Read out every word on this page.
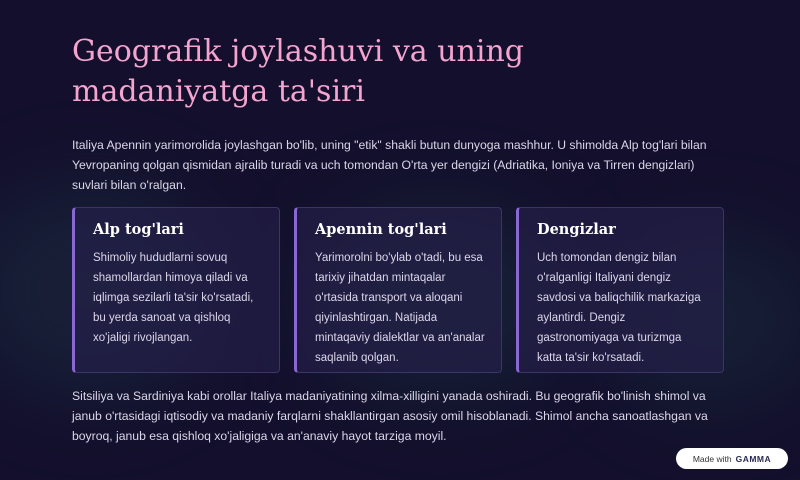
Geografik joylashuvi va uning madaniyatga ta'siri

Italiya Apennin yarimorolida joylashgan bo'lib, uning "etik" shakli butun dunyoga mashhur. U shimolda Alp tog'lari bilan Yevropaning qolgan qismidan ajralib turadi va uch tomondan O'rta yer dengizi (Adriatika, Ioniya va Tirren dengizlari) suvlari bilan o'ralgan.

Alp tog'lari

Shimoliy hududlarni sovuq shamollardan himoya qiladi va iqlimga sezilarli ta'sir ko'rsatadi, bu yerda sanoat va qishloq xo'jaligi rivojlangan.

Apennin tog'lari

Yarimorolni bo'ylab o'tadi, bu esa tarixiy jihatdan mintaqalar o'rtasida transport va aloqani qiyinlashtirgan. Natijada mintaqaviy dialektlar va an'analar saqlanib qolgan.

Dengizlar

Uch tomondan dengiz bilan o'ralganligi Italiyani dengiz savdosi va baliqchilik markaziga aylantirdi. Dengiz gastronomiyaga va turizmga katta ta'sir ko'rsatadi.

Sitsiliya va Sardiniya kabi orollar Italiya madaniyatining xilma-xilligini yanada oshiradi. Bu geografik bo'linish shimol va janub o'rtasidagi iqtisodiy va madaniy farqlarni shakllantirgan asosiy omil hisoblanadi. Shimol ancha sanoatlashgan va boyroq, janub esa qishloq xo'jaligiga va an'anaviy hayot tarziga moyil.

Made with GAMMA
